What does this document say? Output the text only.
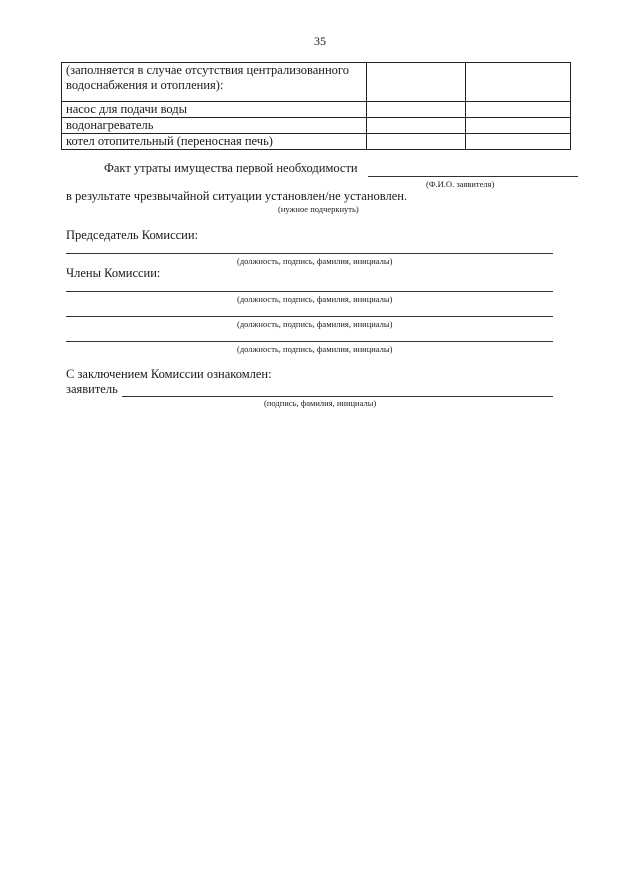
35
(заполняется в случае отсутствия централизованного водоснабжения и отопления):		
насос для подачи воды		
водонагреватель		
котел отопительный (переносная печь)		
Факт утраты имущества первой необходимости
(Ф.И.О. заявителя)
в результате чрезвычайной ситуации установлен/не установлен.
(нужное подчеркнуть)
Председатель Комиссии:
(должность, подпись, фамилия, инициалы)
Члены Комиссии:
(должность, подпись, фамилия, инициалы)
(должность, подпись, фамилия, инициалы)
(должность, подпись, фамилия, инициалы)
С заключением Комиссии ознакомлен:
заявитель
(подпись, фамилия, инициалы)
